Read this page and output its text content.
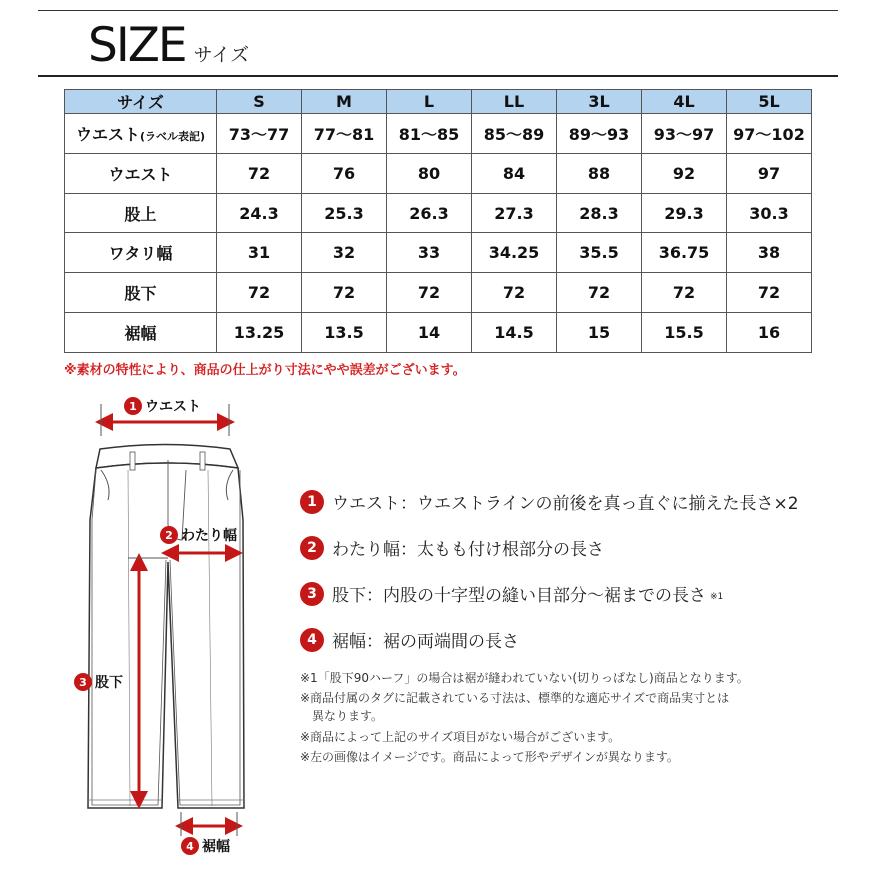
SIZE サイズ
サイズ	S	M	L	LL	3L	4L	5L
ウエスト(ラベル表記)	73〜77	77〜81	81〜85	85〜89	89〜93	93〜97	97〜102
ウエスト	72	76	80	84	88	92	97
股上	24.3	25.3	26.3	27.3	28.3	29.3	30.3
ワタリ幅	31	32	33	34.25	35.5	36.75	38
股下	72	72	72	72	72	72	72
裾幅	13.25	13.5	14	14.5	15	15.5	16
※素材の特性により、商品の仕上がり寸法にやや誤差がございます。
1 ウエスト
2 わたり幅
3 股下
4 裾幅
1 ウエスト：ウエストラインの前後を真っ直ぐに揃えた長さ×2
2 わたり幅：太もも付け根部分の長さ
3 股下：内股の十字型の縫い目部分〜裾までの長さ ※1
4 裾幅：裾の両端間の長さ
※1「股下90ハーフ」の場合は裾が縫われていない(切りっぱなし)商品となります。
※商品付属のタグに記載されている寸法は、標準的な適応サイズで商品実寸とは
　異なります。
※商品によって上記のサイズ項目がない場合がございます。
※左の画像はイメージです。商品によって形やデザインが異なります。
